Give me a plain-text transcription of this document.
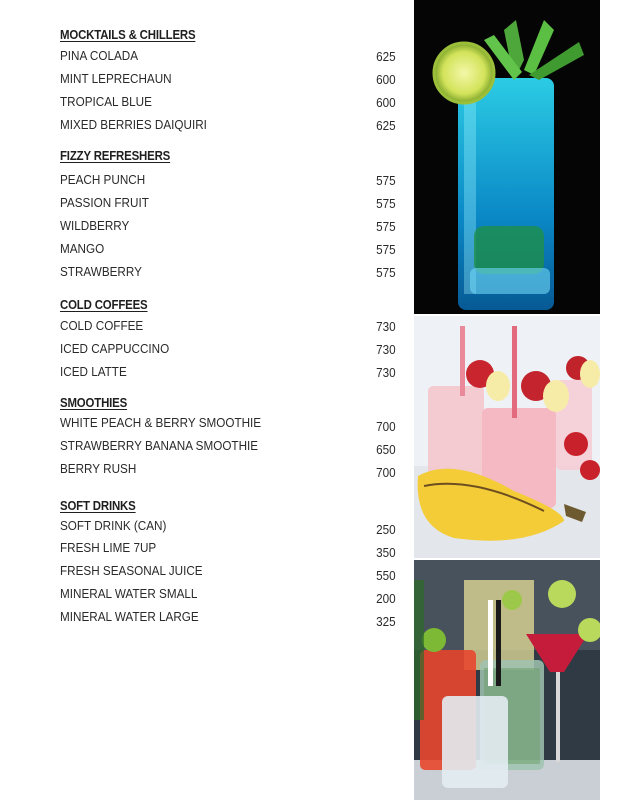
MOCKTAILS & CHILLERS
PINA COLADA	625
MINT LEPRECHAUN	600
TROPICAL BLUE	600
MIXED BERRIES DAIQUIRI	625
FIZZY REFRESHERS
PEACH PUNCH	575
PASSION FRUIT	575
WILDBERRY	575
MANGO	575
STRAWBERRY	575
COLD COFFEES
COLD COFFEE	730
ICED CAPPUCCINO	730
ICED LATTE	730
SMOOTHIES
WHITE PEACH & BERRY SMOOTHIE	700
STRAWBERRY BANANA SMOOTHIE	650
BERRY RUSH	700
SOFT DRINKS
SOFT DRINK (CAN)	250
FRESH LIME 7UP	350
FRESH SEASONAL JUICE	550
MINERAL WATER SMALL	200
MINERAL WATER LARGE	325
